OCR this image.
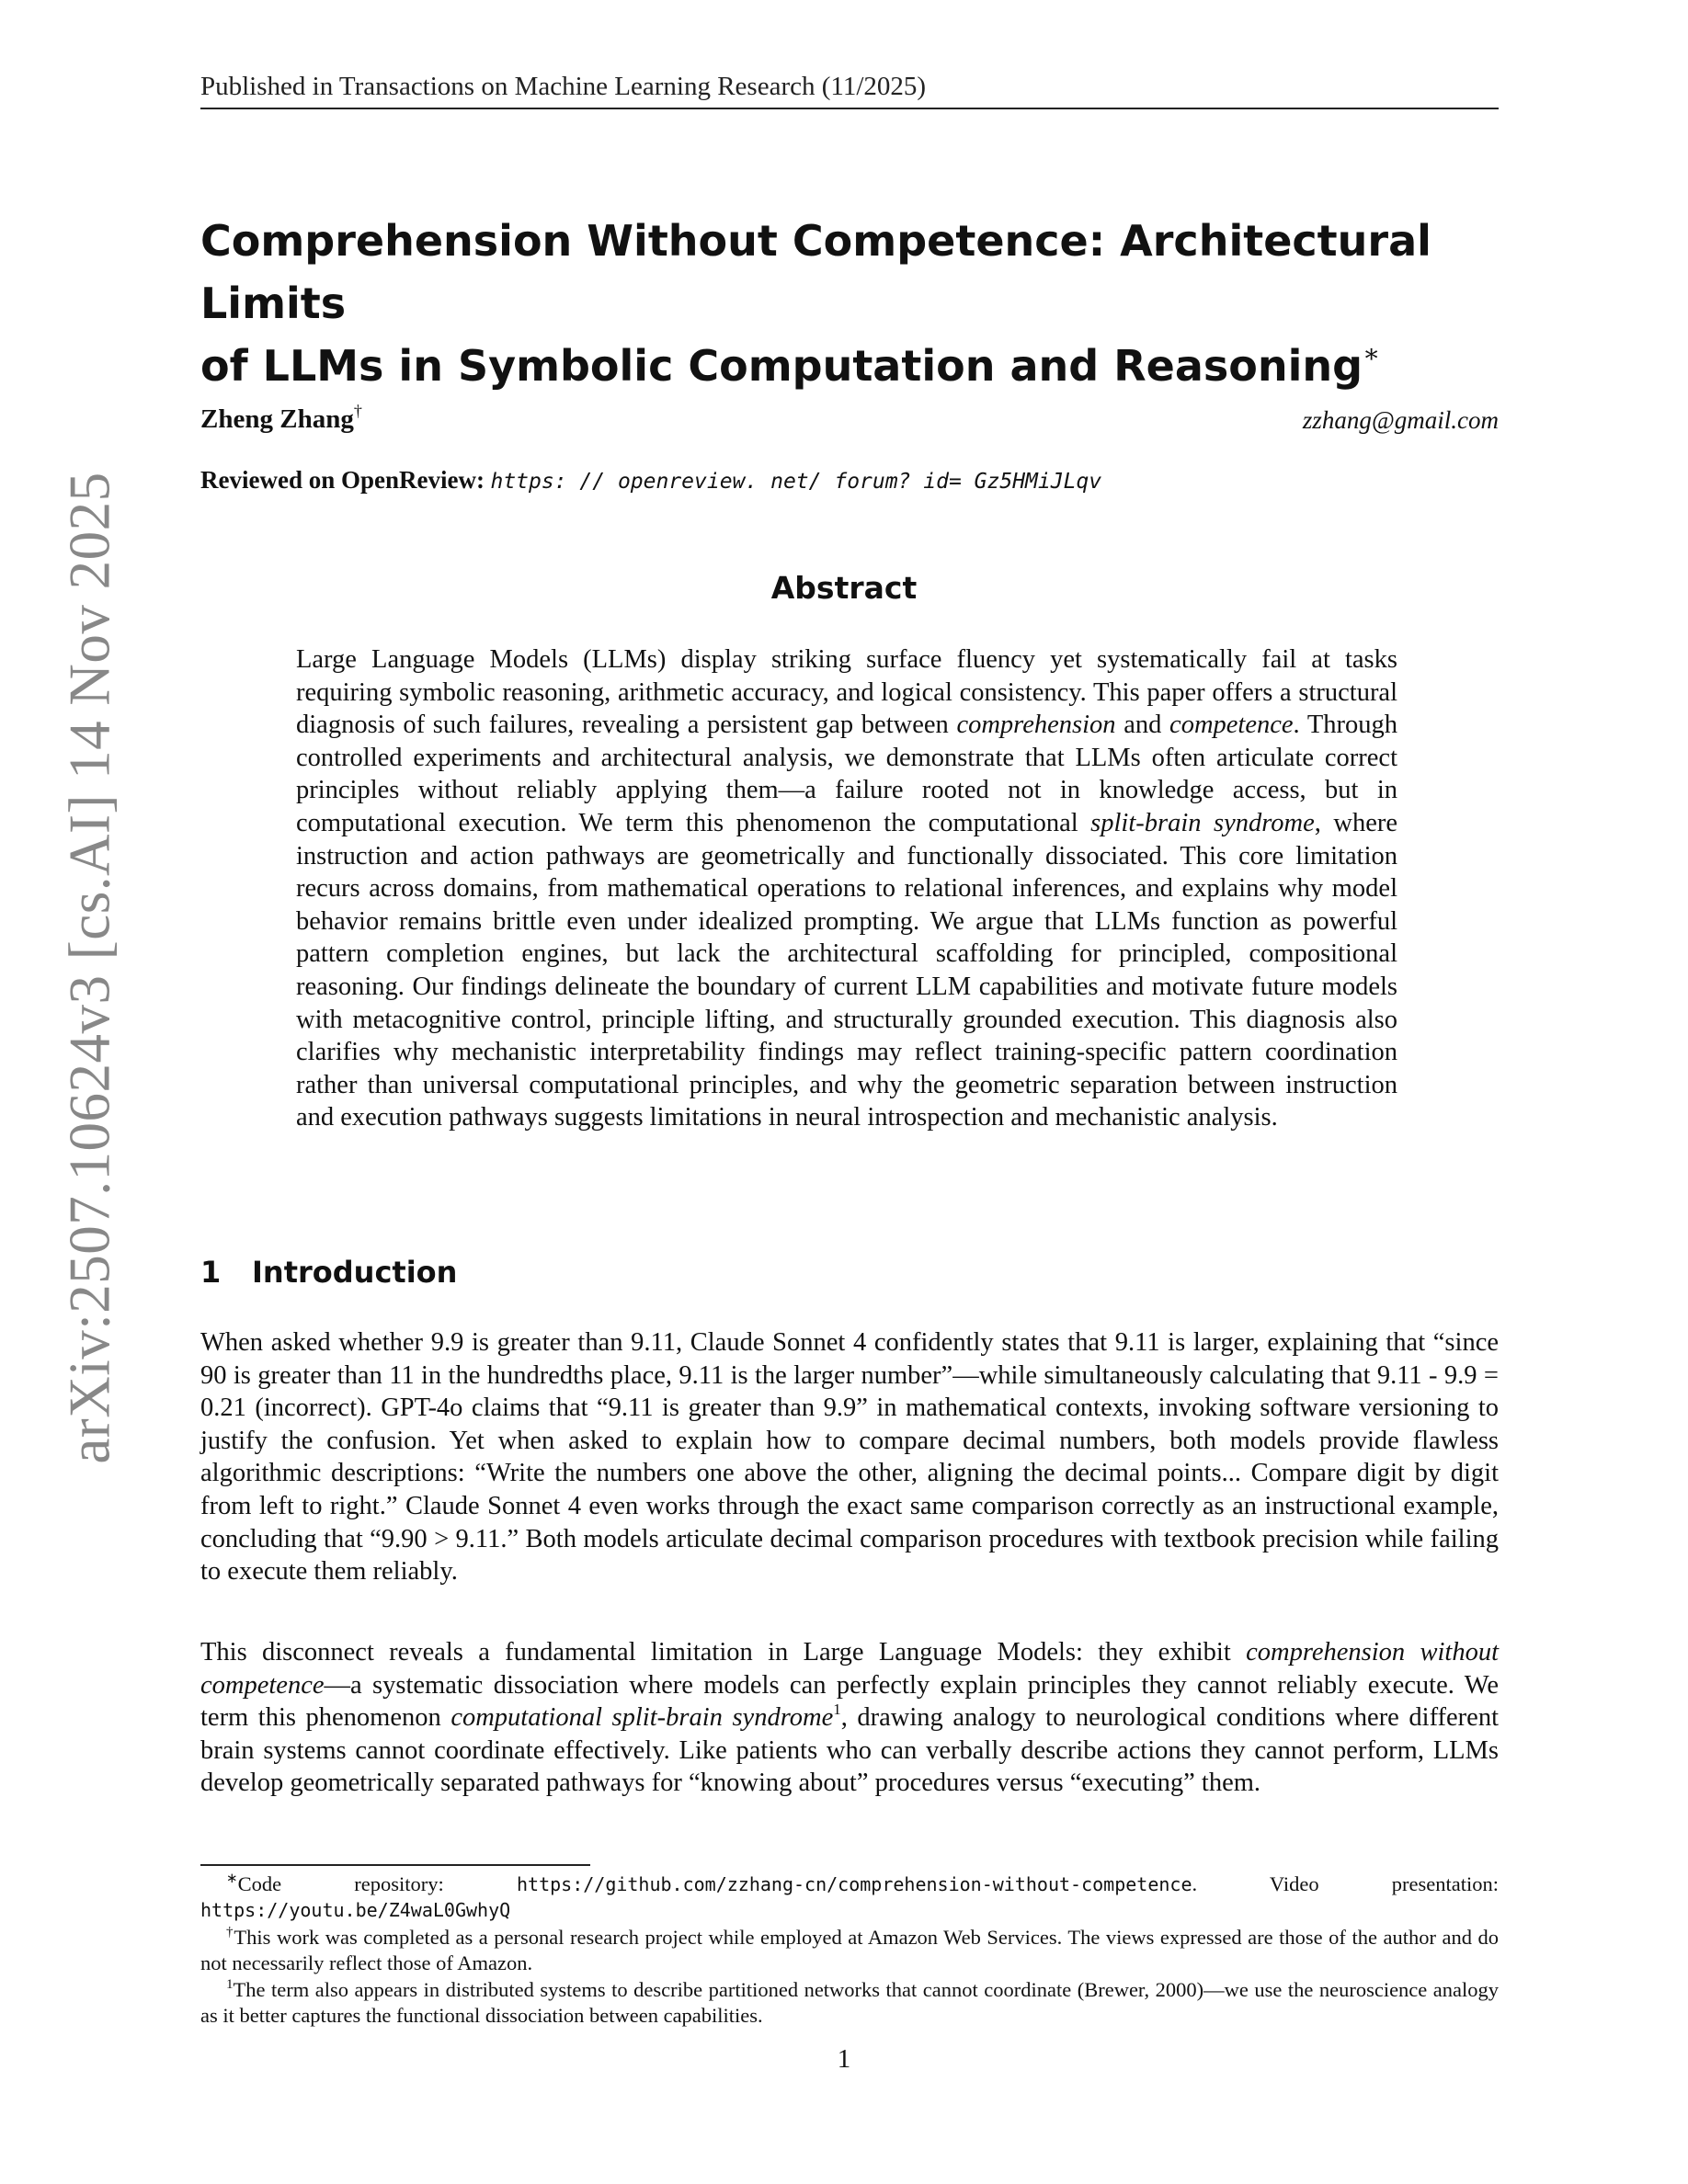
Published in Transactions on Machine Learning Research (11/2025)
arXiv:2507.10624v3 [cs.AI] 14 Nov 2025
Comprehension Without Competence: Architectural Limits
of LLMs in Symbolic Computation and Reasoning∗
Zheng Zhang†	zzhang@gmail.com
Reviewed on OpenReview: https: // openreview. net/ forum? id= Gz5HMiJLqv
Abstract
Large Language Models (LLMs) display striking surface fluency yet systematically fail at tasks requiring symbolic reasoning, arithmetic accuracy, and logical consistency. This paper offers a structural diagnosis of such failures, revealing a persistent gap between comprehension and competence. Through controlled experiments and architectural analysis, we demonstrate that LLMs often articulate correct principles without reliably applying them—a failure rooted not in knowledge access, but in computational execution. We term this phenomenon the computational split-brain syndrome, where instruction and action pathways are geometrically and functionally dissociated. This core limitation recurs across domains, from mathematical operations to relational inferences, and explains why model behavior remains brittle even under idealized prompting. We argue that LLMs function as powerful pattern completion engines, but lack the architectural scaffolding for principled, compositional reasoning. Our findings delineate the boundary of current LLM capabilities and motivate future models with metacognitive control, principle lifting, and structurally grounded execution. This diagnosis also clarifies why mechanistic interpretability findings may reflect training-specific pattern coordination rather than universal computational principles, and why the geometric separation between instruction and execution pathways suggests limitations in neural introspection and mechanistic analysis.
1 Introduction

When asked whether 9.9 is greater than 9.11, Claude Sonnet 4 confidently states that 9.11 is larger, explaining that “since 90 is greater than 11 in the hundredths place, 9.11 is the larger number”—while simultaneously calculating that 9.11 - 9.9 = 0.21 (incorrect). GPT-4o claims that “9.11 is greater than 9.9” in mathematical contexts, invoking software versioning to justify the confusion. Yet when asked to explain how to compare decimal numbers, both models provide flawless algorithmic descriptions: “Write the numbers one above the other, aligning the decimal points... Compare digit by digit from left to right.” Claude Sonnet 4 even works through the exact same comparison correctly as an instructional example, concluding that “9.90 > 9.11.” Both models articulate decimal comparison procedures with textbook precision while failing to execute them reliably.

This disconnect reveals a fundamental limitation in Large Language Models: they exhibit comprehension without competence—a systematic dissociation where models can perfectly explain principles they cannot reliably execute. We term this phenomenon computational split-brain syndrome$^1$, drawing analogy to neurological conditions where different brain systems cannot coordinate effectively. Like patients who can verbally describe actions they cannot perform, LLMs develop geometrically separated pathways for “knowing about” procedures versus “executing” them.

∗Code repository:	https://github.com/zzhang-cn/comprehension-without-competence. Video presentation: https://youtu.be/Z4waL0GwhyQ

†This work was completed as a personal research project while employed at Amazon Web Services. The views expressed are those of the author and do not necessarily reflect those of Amazon.

$^1$The term also appears in distributed systems to describe partitioned networks that cannot coordinate (Brewer, 2000)—we use the neuroscience analogy as it better captures the functional dissociation between capabilities.

1
